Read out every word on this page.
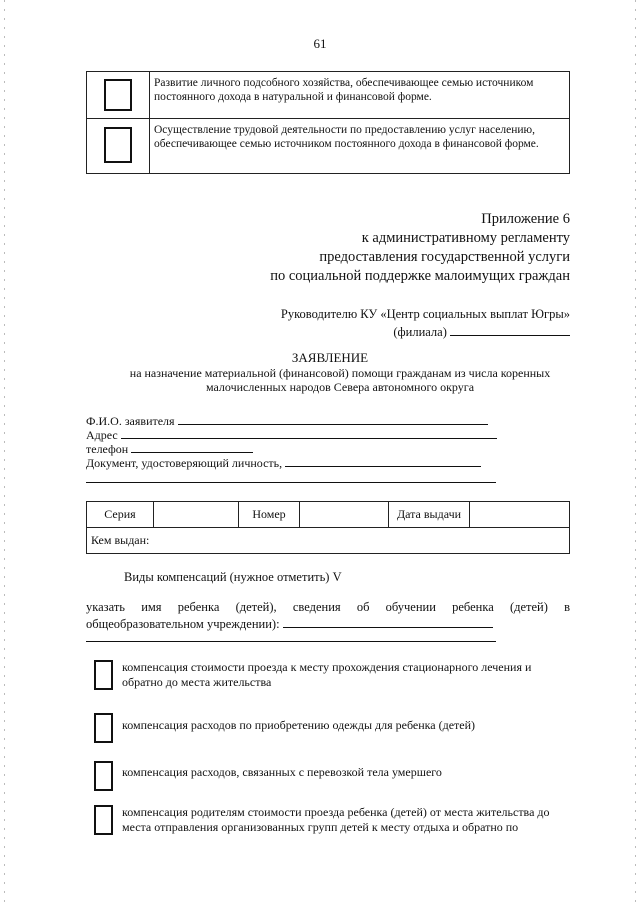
61
	Развитие личного подсобного хозяйства, обеспечивающее семью источником постоянного дохода в натуральной и финансовой форме.

	Осуществление трудовой деятельности по предоставлению услуг населению, обеспечивающее семью источником постоянного дохода в финансовой форме.
Приложение 6
к административному регламенту
предоставления государственной услуги
по социальной поддержке малоимущих граждан
Руководителю КУ «Центр социальных выплат Югры»
(филиала)
ЗАЯВЛЕНИЕ
на назначение материальной (финансовой) помощи гражданам из числа коренных малочисленных народов Севера автономного округа
Ф.И.О. заявителя
Адрес
телефон
Документ, удостоверяющий личность,
Серия		Номер		Дата выдачи	
Кем выдан:
Виды компенсаций (нужное отметить) V
указать имя ребенка (детей), сведения об обучении ребенка (детей) в
общеобразовательном учреждении):
компенсация стоимости проезда к месту прохождения стационарного лечения и обратно до места жительства
компенсация расходов по приобретению одежды для ребенка (детей)
компенсация расходов, связанных с перевозкой тела умершего
компенсация родителям стоимости проезда ребенка (детей) от места жительства до места отправления организованных групп детей к месту отдыха и обратно по
